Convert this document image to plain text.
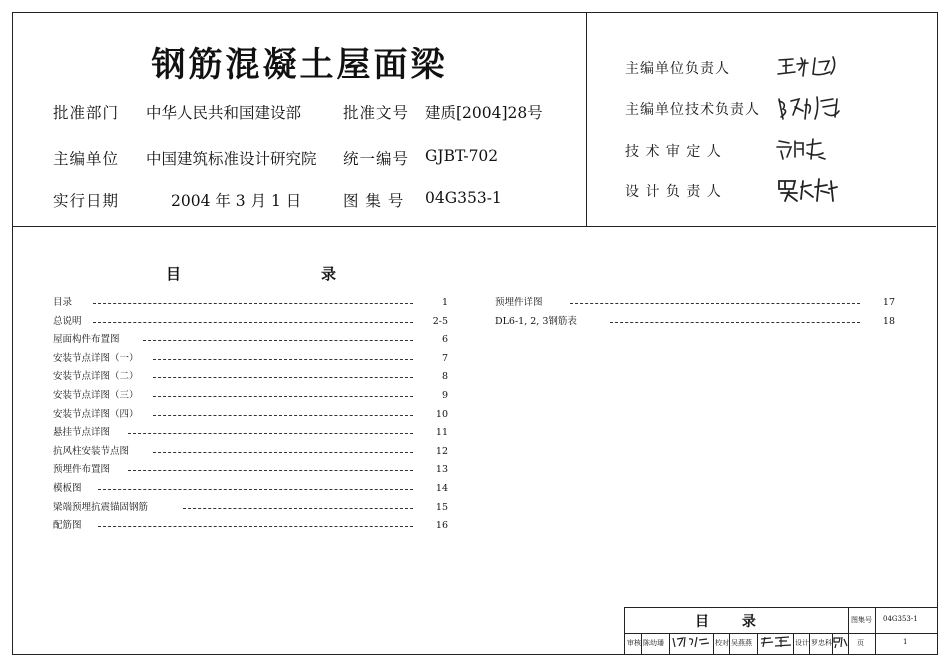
钢筋混凝土屋面梁
批准部门 中华人民共和国建设部	批准文号 建质[2004]28号
主编单位 中国建筑标准设计研究院 统一编号 GJBT-702
实行日期	2004 年 3 月 1 日	图 集 号 04G353-1
主编单位负责人
主编单位技术负责人
技 术 审 定 人
设 计 负 责 人
目	录
目录	1
总说明	2-5
屋面构件布置图	6
安装节点详图（一）	7
安装节点详图（二）	8
安装节点详图（三）	9
安装节点详图（四）	10
悬挂节点详图	11
抗风柱安装节点图	12
预埋件布置图	13
模板图	14
梁端预埋抗震锚固钢筋	15
配筋图	16
预埋件详图	17
DL6-1, 2, 3钢筋表	18
目 录	图集号 04G353-1
审核 陈幼璠	校对 吴燕燕	设计 罗忠科	页	1
